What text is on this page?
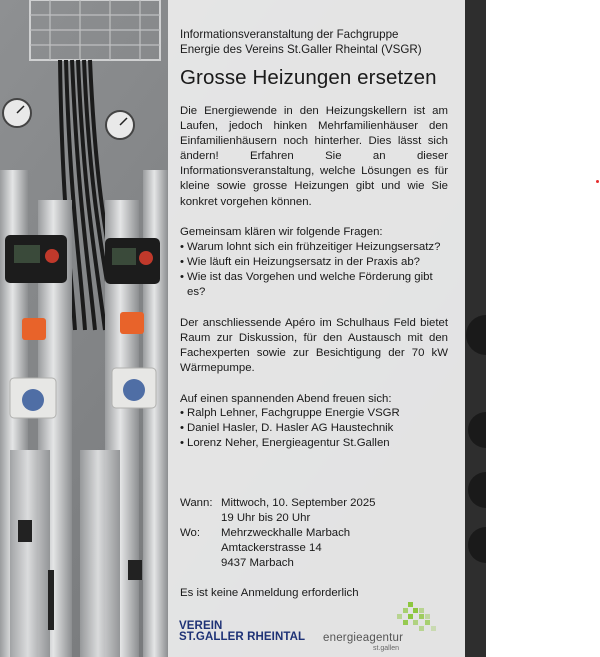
Informationsveranstaltung der Fachgruppe
Energie des Vereins St.Galler Rheintal (VSGR)
Grosse Heizungen ersetzen

Die Energiewende in den Heizungskellern ist am Laufen, jedoch hinken Mehrfamilienhäuser den Einfamilienhäusern noch hinterher. Dies lässt sich ändern! Erfahren Sie an dieser Informationsveranstaltung, welche Lösungen es für kleine sowie grosse Heizungen gibt und wie Sie konkret vorgehen können.

Gemeinsam klären wir folgende Fragen:

• Warum lohnt sich ein frühzeitiger Heizungsersatz?
• Wie läuft ein Heizungsersatz in der Praxis ab?
• Wie ist das Vorgehen und welche Förderung gibt es?

Der anschliessende Apéro im Schulhaus Feld bietet Raum zur Diskussion, für den Austausch mit den Fachexperten sowie zur Besichtigung der 70 kW Wärmepumpe.

Auf einen spannenden Abend freuen sich:

• Ralph Lehner, Fachgruppe Energie VSGR
• Daniel Hasler, D. Hasler AG Haustechnik
• Lorenz Neher, Energieagentur St.Gallen
Wann: Mittwoch, 10. September 2025
19 Uhr bis 20 Uhr
Wo:	Mehrzweckhalle Marbach
Amtackerstrasse 14
9437 Marbach

Es ist keine Anmeldung erforderlich

VEREIN
ST.GALLER RHEINTAL energieagentur
st.gallen
